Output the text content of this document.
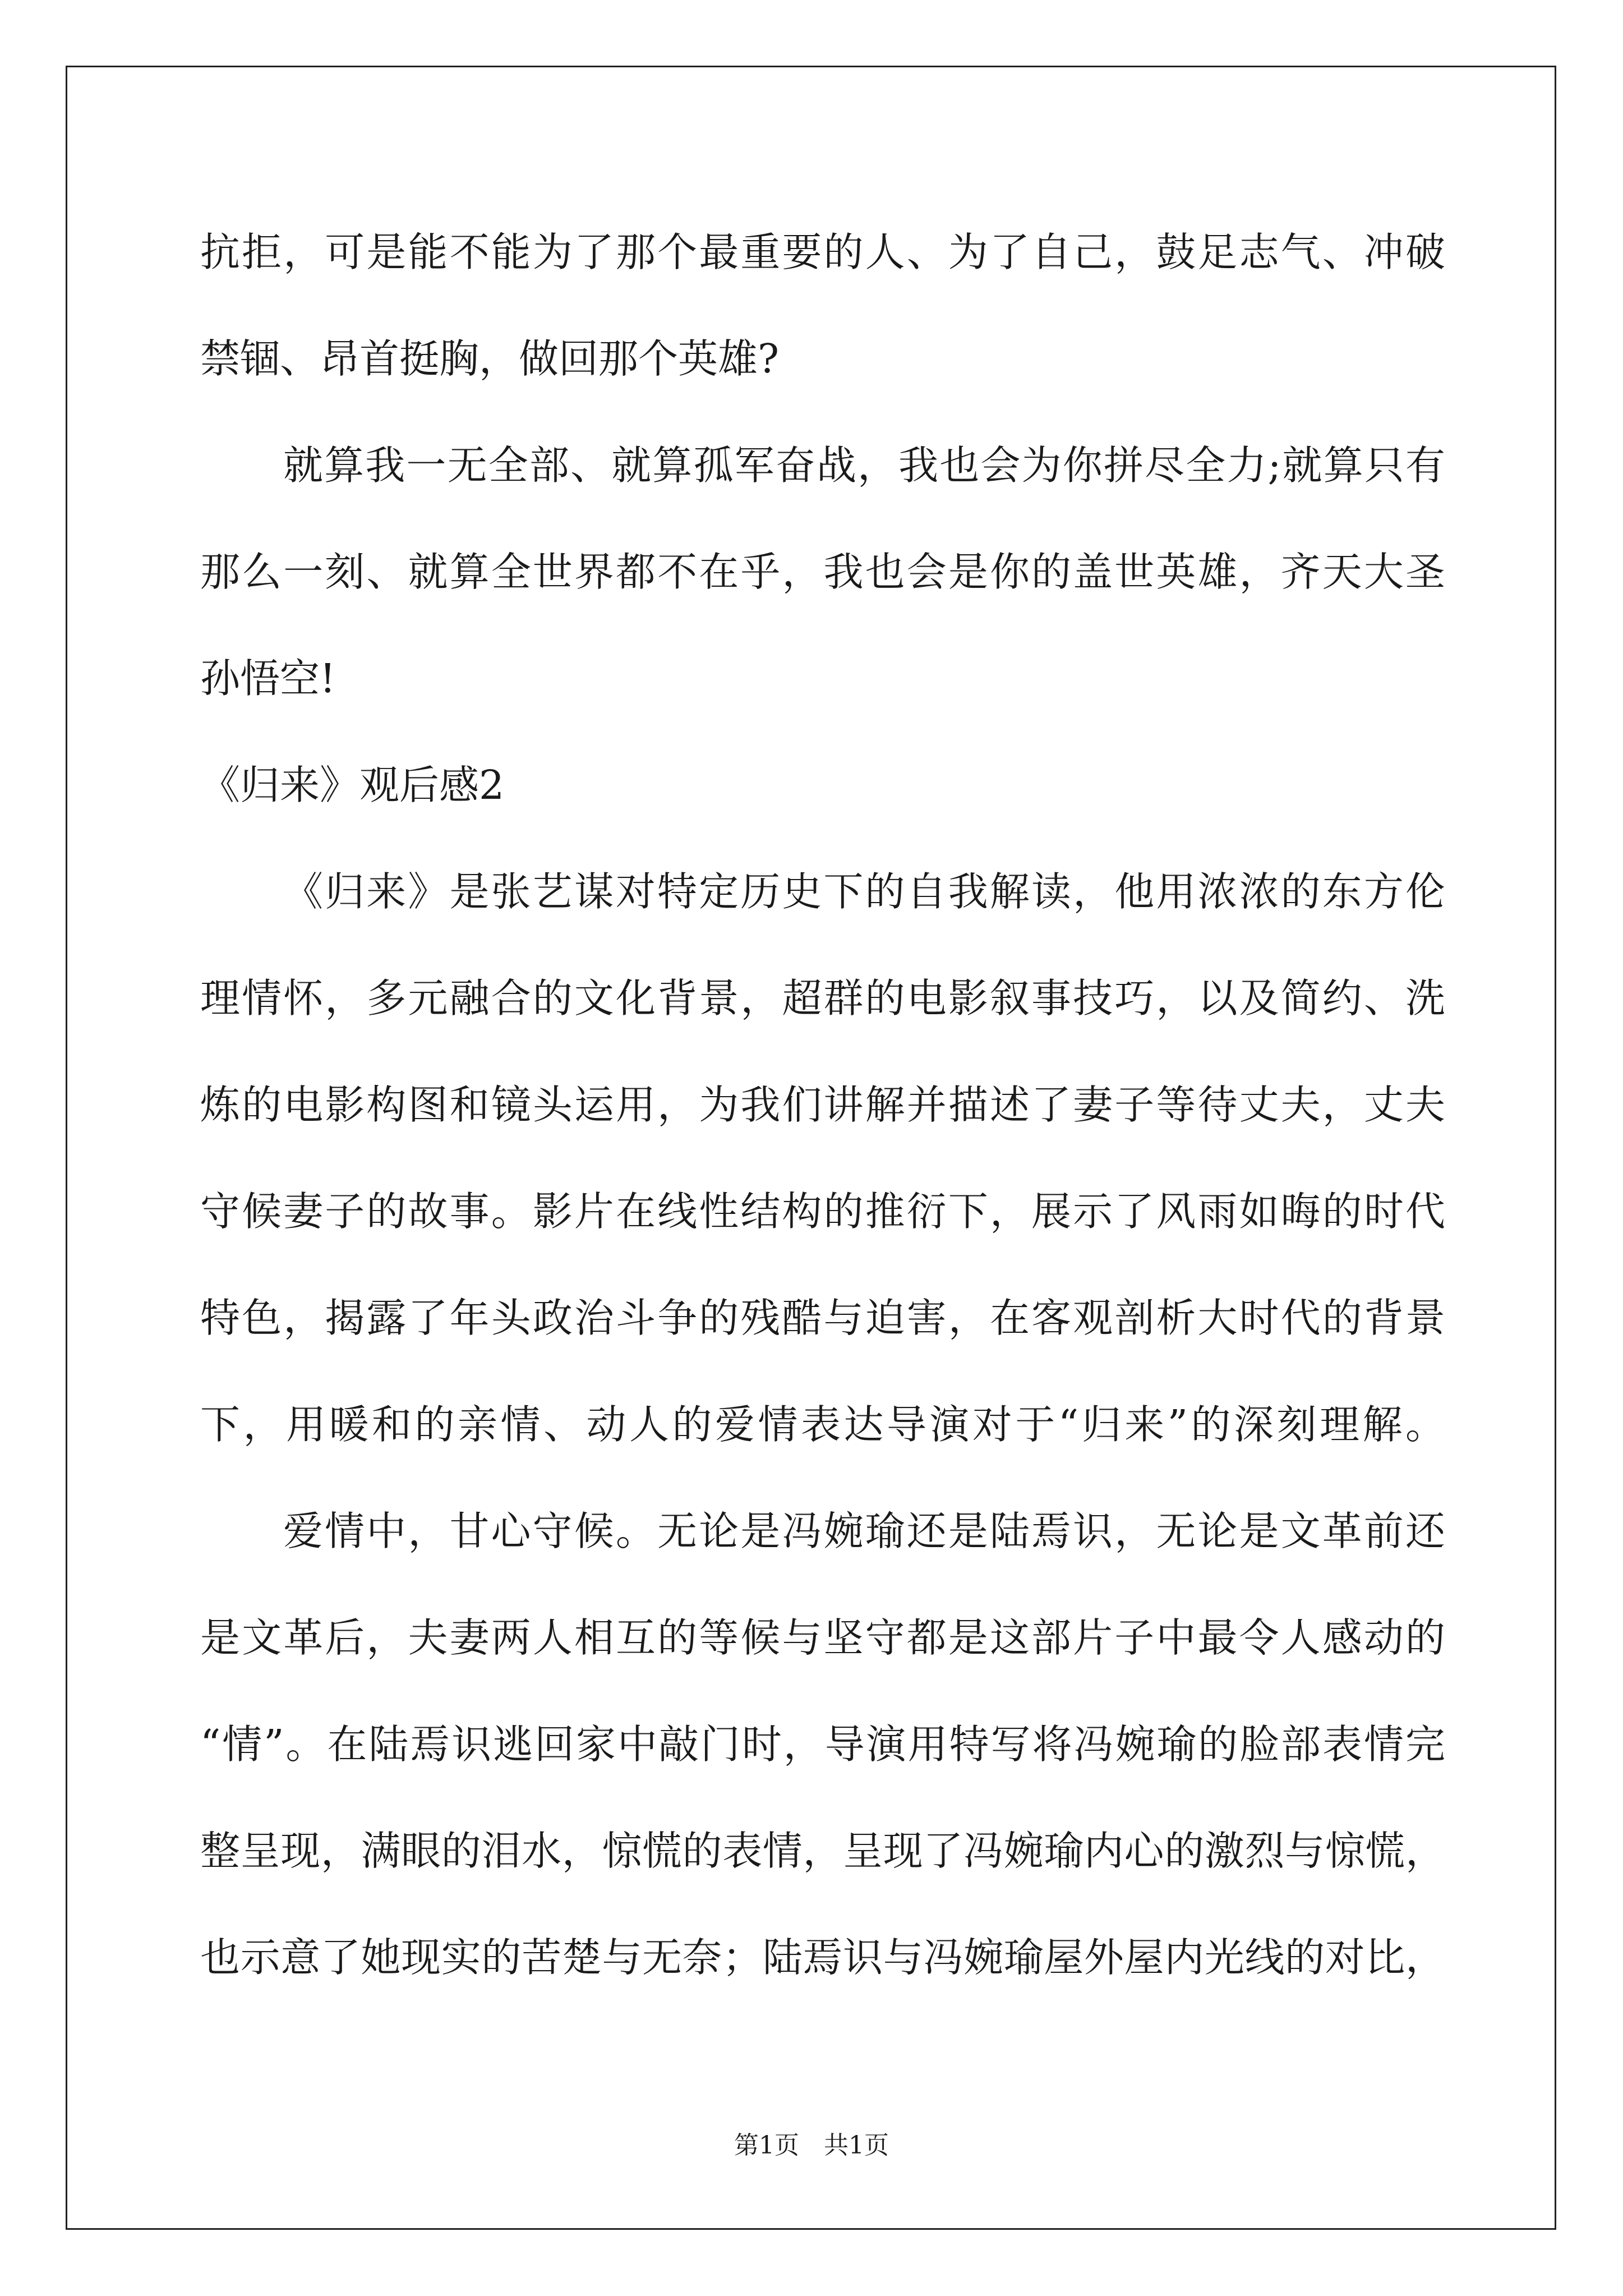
抗拒，可是能不能为了那个最重要的人、为了自己，鼓足志气、冲破
禁锢、昂首挺胸，做回那个英雄?
就算我一无全部、就算孤军奋战，我也会为你拼尽全力;就算只有
那么一刻、就算全世界都不在乎，我也会是你的盖世英雄，齐天大圣
孙悟空!
《归来》观后感2
《归来》是张艺谋对特定历史下的自我解读，他用浓浓的东方伦
理情怀，多元融合的文化背景，超群的电影叙事技巧，以及简约、洗
炼的电影构图和镜头运用，为我们讲解并描述了妻子等待丈夫，丈夫
守候妻子的故事。影片在线性结构的推衍下，展示了风雨如晦的时代
特色，揭露了年头政治斗争的残酷与迫害，在客观剖析大时代的背景
下，用暖和的亲情、动人的爱情表达导演对于“归来”的深刻理解。
爱情中，甘心守候。无论是冯婉瑜还是陆焉识，无论是文革前还
是文革后，夫妻两人相互的等候与坚守都是这部片子中最令人感动的
“情”。在陆焉识逃回家中敲门时，导演用特写将冯婉瑜的脸部表情完
整呈现，满眼的泪水，惊慌的表情，呈现了冯婉瑜内心的激烈与惊慌，
也示意了她现实的苦楚与无奈；陆焉识与冯婉瑜屋外屋内光线的对比，
第1页　共1页
